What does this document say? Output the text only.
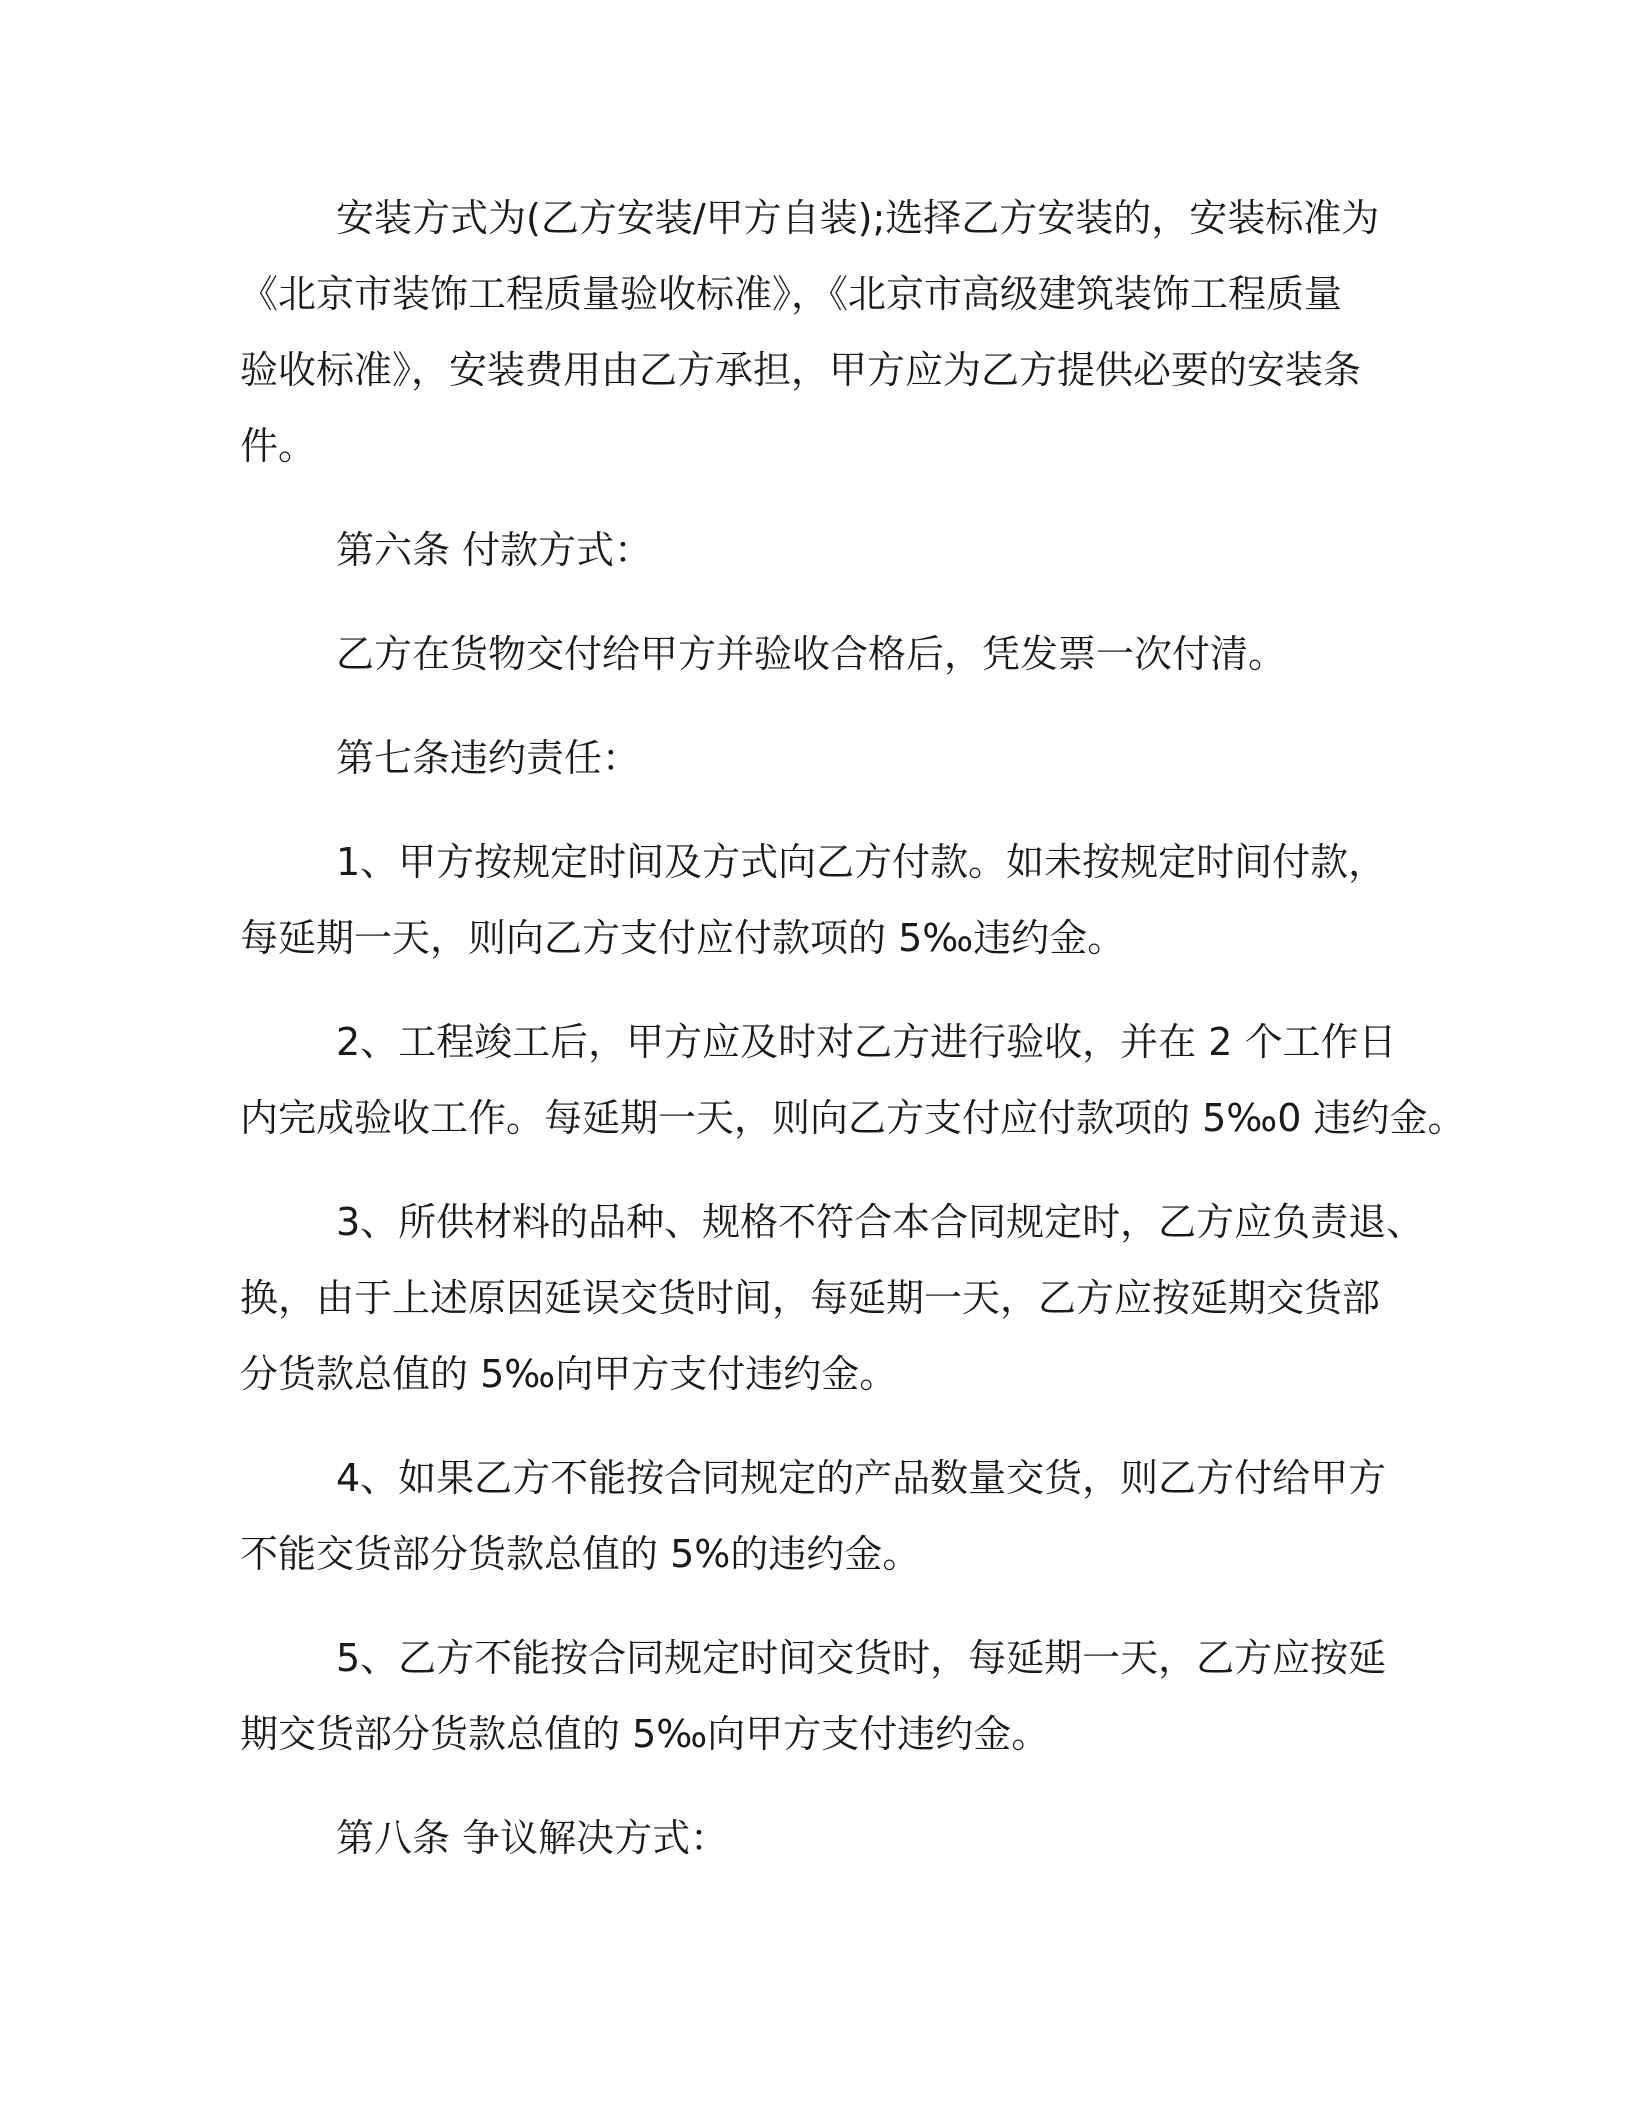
安装方式为(乙方安装/甲方自装);选择乙方安装的，安装标准为
《北京市装饰工程质量验收标准》，《北京市高级建筑装饰工程质量
验收标准》，安装费用由乙方承担，甲方应为乙方提供必要的安装条
件。
第六条 付款方式：
乙方在货物交付给甲方并验收合格后，凭发票一次付清。
第七条违约责任：
1、甲方按规定时间及方式向乙方付款。如未按规定时间付款，
每延期一天，则向乙方支付应付款项的 5‰违约金。
2、工程竣工后，甲方应及时对乙方进行验收，并在 2 个工作日
内完成验收工作。每延期一天，则向乙方支付应付款项的 5‰0 违约金。
3、所供材料的品种、规格不符合本合同规定时，乙方应负责退、
换，由于上述原因延误交货时间，每延期一天，乙方应按延期交货部
分货款总值的 5‰向甲方支付违约金。
4、如果乙方不能按合同规定的产品数量交货，则乙方付给甲方
不能交货部分货款总值的 5%的违约金。
5、乙方不能按合同规定时间交货时，每延期一天，乙方应按延
期交货部分货款总值的 5‰向甲方支付违约金。
第八条 争议解决方式：
